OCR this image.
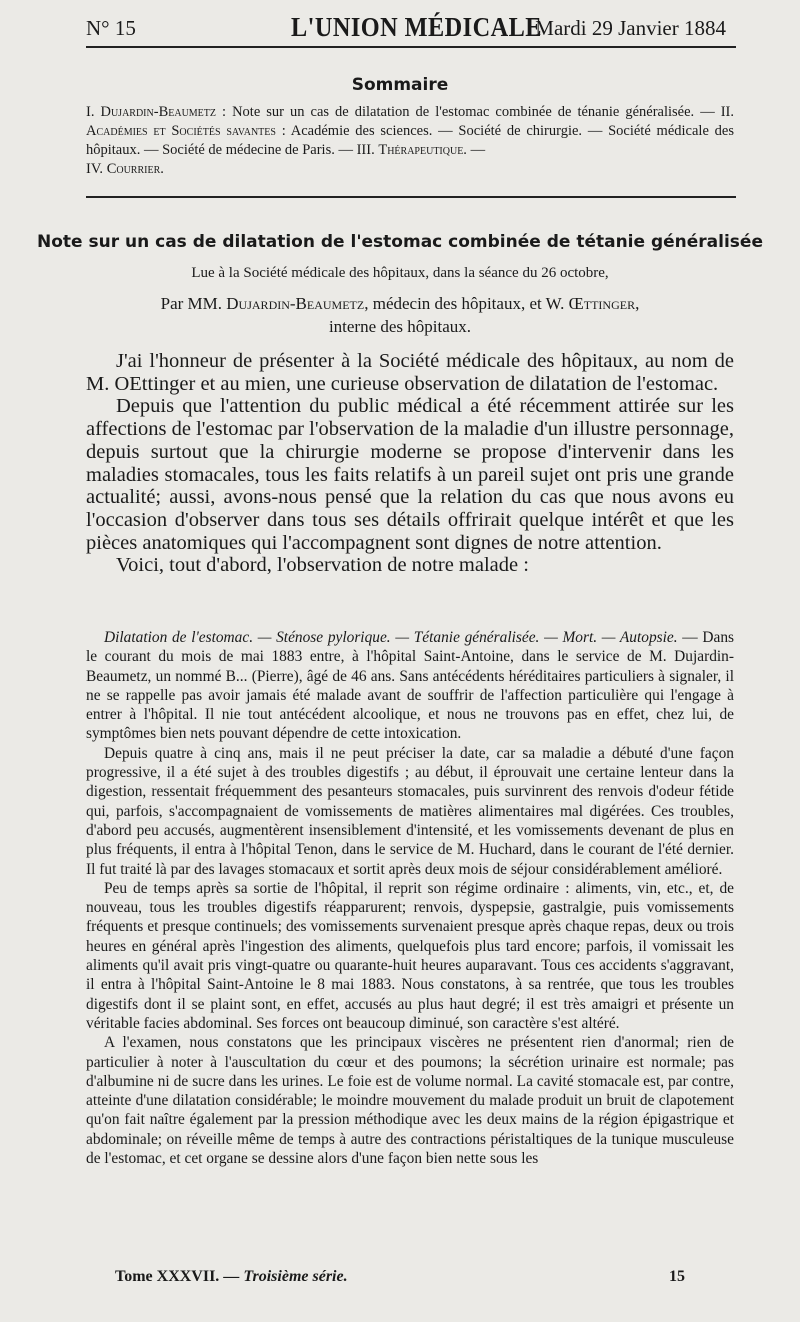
N° 15	L'UNION MÉDICALE
Mardi 29 Janvier 1884
Sommaire
I. Dujardin-Beaumetz : Note sur un cas de dilatation de l'estomac combinée de ténanie généralisée. — II. Académies et Sociétés savantes : Académie des sciences. — Société de chirurgie. — Société médicale des hôpitaux. — Société de médecine de Paris. — III. Thérapeutique. —
IV. Courrier.
Note sur un cas de dilatation de l'estomac combinée de tétanie généralisée
Lue à la Société médicale des hôpitaux, dans la séance du 26 octobre,
Par MM. Dujardin-Beaumetz, médecin des hôpitaux, et W. Œttinger,
interne des hôpitaux.

J'ai l'honneur de présenter à la Société médicale des hôpitaux, au nom de M. OEttinger et au mien, une curieuse observation de dilatation de l'estomac.

Depuis que l'attention du public médical a été récemment attirée sur les affections de l'estomac par l'observation de la maladie d'un illustre personnage, depuis surtout que la chirurgie moderne se propose d'intervenir dans les maladies stomacales, tous les faits relatifs à un pareil sujet ont pris une grande actualité; aussi, avons-nous pensé que la relation du cas que nous avons eu l'occasion d'observer dans tous ses détails offrirait quelque intérêt et que les pièces anatomiques qui l'accompagnent sont dignes de notre attention.

Voici, tout d'abord, l'observation de notre malade :

Dilatation de l'estomac. — Sténose pylorique. — Tétanie généralisée. — Mort. — Autopsie. — Dans le courant du mois de mai 1883 entre, à l'hôpital Saint-Antoine, dans le service de M. Dujardin-Beaumetz, un nommé B... (Pierre), âgé de 46 ans. Sans antécédents héréditaires particuliers à signaler, il ne se rappelle pas avoir jamais été malade avant de souffrir de l'affection particulière qui l'engage à entrer à l'hôpital. Il nie tout antécédent alcoolique, et nous ne trouvons pas en effet, chez lui, de symptômes bien nets pouvant dépendre de cette intoxication.

Depuis quatre à cinq ans, mais il ne peut préciser la date, car sa maladie a débuté d'une façon progressive, il a été sujet à des troubles digestifs ; au début, il éprouvait une certaine lenteur dans la digestion, ressentait fréquemment des pesanteurs stomacales, puis survinrent des renvois d'odeur fétide qui, parfois, s'accompagnaient de vomissements de matières alimentaires mal digérées. Ces troubles, d'abord peu accusés, augmentèrent insensiblement d'intensité, et les vomissements devenant de plus en plus fréquents, il entra à l'hôpital Tenon, dans le service de M. Huchard, dans le courant de l'été dernier. Il fut traité là par des lavages stomacaux et sortit après deux mois de séjour considérablement amélioré.

Peu de temps après sa sortie de l'hôpital, il reprit son régime ordinaire : aliments, vin, etc., et, de nouveau, tous les troubles digestifs réapparurent; renvois, dyspepsie, gastralgie, puis vomissements fréquents et presque continuels; des vomissements survenaient presque après chaque repas, deux ou trois heures en général après l'ingestion des aliments, quelquefois plus tard encore; parfois, il vomissait les aliments qu'il avait pris vingt-quatre ou quarante-huit heures auparavant. Tous ces accidents s'aggravant, il entra à l'hôpital Saint-Antoine le 8 mai 1883. Nous constatons, à sa rentrée, que tous les troubles digestifs dont il se plaint sont, en effet, accusés au plus haut degré; il est très amaigri et présente un véritable facies abdominal. Ses forces ont beaucoup diminué, son caractère s'est altéré.

A l'examen, nous constatons que les principaux viscères ne présentent rien d'anormal; rien de particulier à noter à l'auscultation du cœur et des poumons; la sécrétion urinaire est normale; pas d'albumine ni de sucre dans les urines. Le foie est de volume normal. La cavité stomacale est, par contre, atteinte d'une dilatation considérable; le moindre mouvement du malade produit un bruit de clapotement qu'on fait naître également par la pression méthodique avec les deux mains de la région épigastrique et abdominale; on réveille même de temps à autre des contractions péristaltiques de la tunique musculeuse de l'estomac, et cet organe se dessine alors d'une façon bien nette sous les

Tome XXXVII. — Troisième série.	15
